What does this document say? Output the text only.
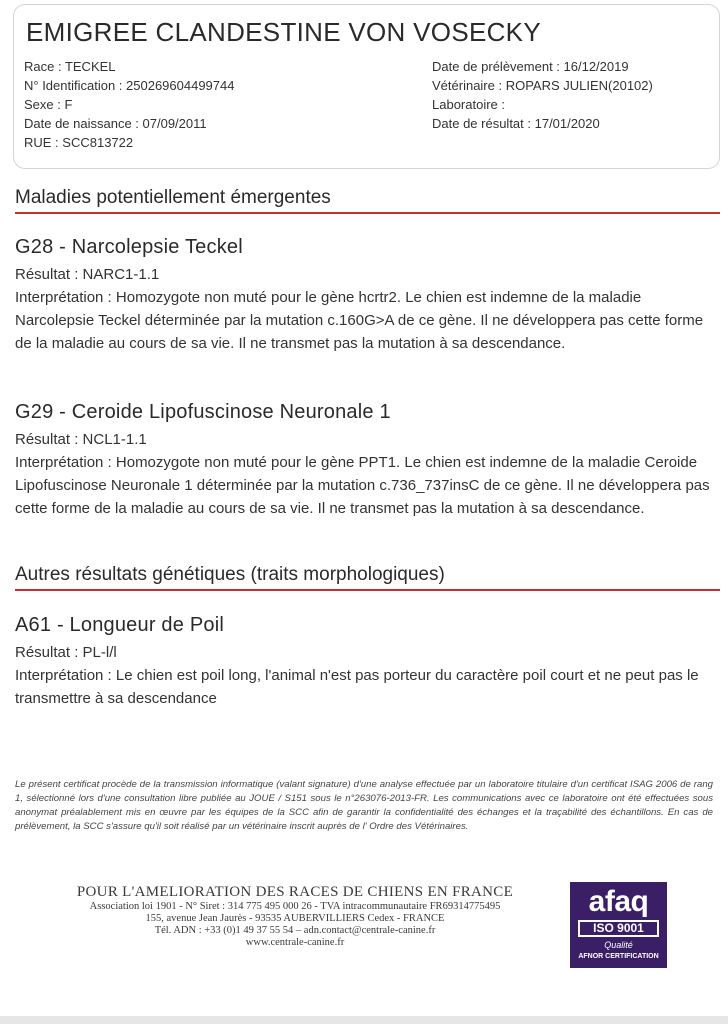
EMIGREE CLANDESTINE VON VOSECKY
Race : TECKEL
N° Identification : 250269604499744
Sexe : F
Date de naissance : 07/09/2011
RUE : SCC813722
Date de prélèvement : 16/12/2019
Vétérinaire : ROPARS JULIEN(20102)
Laboratoire :
Date de résultat : 17/01/2020
Maladies potentiellement émergentes
G28 - Narcolepsie Teckel
Résultat : NARC1-1.1
Interprétation : Homozygote non muté pour le gène hcrtr2. Le chien est indemne de la maladie Narcolepsie Teckel déterminée par la mutation c.160G>A de ce gène. Il ne développera pas cette forme de la maladie au cours de sa vie. Il ne transmet pas la mutation à sa descendance.
G29 - Ceroide Lipofuscinose Neuronale 1
Résultat : NCL1-1.1
Interprétation : Homozygote non muté pour le gène PPT1. Le chien est indemne de la maladie Ceroide Lipofuscinose Neuronale 1 déterminée par la mutation c.736_737insC de ce gène. Il ne développera pas cette forme de la maladie au cours de sa vie. Il ne transmet pas la mutation à sa descendance.
Autres résultats génétiques (traits morphologiques)
A61 - Longueur de Poil
Résultat : PL-l/l
Interprétation : Le chien est poil long, l'animal n'est pas porteur du caractère poil court et ne peut pas le transmettre à sa descendance
Le présent certificat procède de la transmission informatique (valant signature) d'une analyse effectuée par un laboratoire titulaire d'un certificat ISAG 2006 de rang 1, sélectionné lors d'une consultation libre publiée au JOUE / S151 sous le n°263076-2013-FR. Les communications avec ce laboratoire ont été effectuées sous anonymat préalablement mis en œuvre par les équipes de la SCC afin de garantir la confidentialité des échanges et la traçabilité des échantillons. En cas de prélèvement, la SCC s'assure qu'il soit réalisé par un vétérinaire inscrit auprès de l' Ordre des Vétérinaires.
POUR L'AMELIORATION DES RACES DE CHIENS EN FRANCE
Association loi 1901 - N° Siret : 314 775 495 000 26 - TVA intracommunautaire FR69314775495
155, avenue Jean Jaurès - 93535 AUBERVILLIERS Cedex - FRANCE
Tél. ADN : +33 (0)1 49 37 55 54 – adn.contact@centrale-canine.fr
www.centrale-canine.fr
afaq
ISO 9001
Qualité
AFNOR CERTIFICATION
